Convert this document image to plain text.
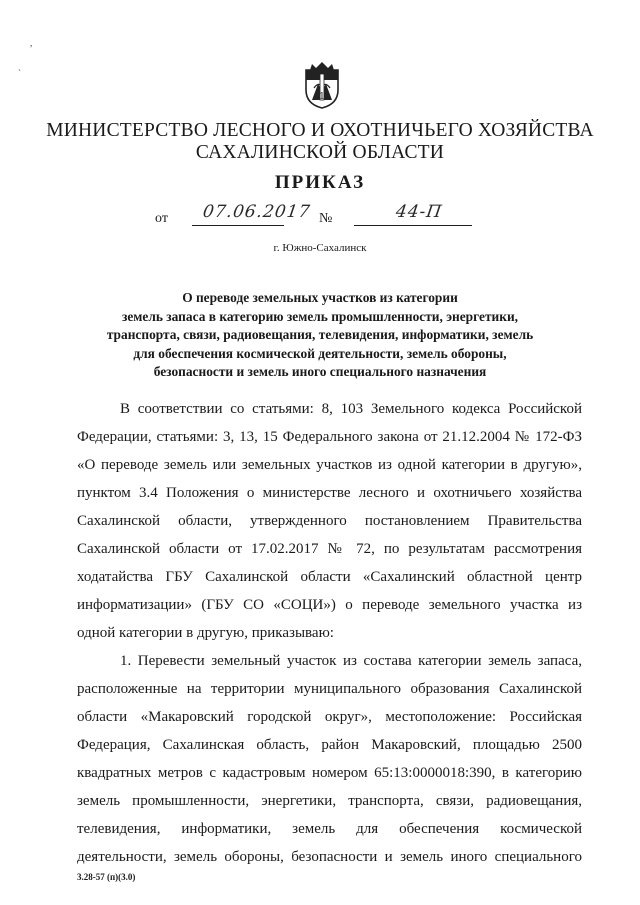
,
`
1
МИНИСТЕРСТВО ЛЕСНОГО И ОХОТНИЧЬЕГО ХОЗЯЙСТВА
САХАЛИНСКОЙ ОБЛАСТИ
ПРИКАЗ
от 07.06.2017 №	44-П
г. Южно-Сахалинск
О переводе земельных участков из категории
земель запаса в категорию земель промышленности, энергетики,
транспорта, связи, радиовещания, телевидения, информатики, земель
для обеспечения космической деятельности, земель обороны,
безопасности и земель иного специального назначения
В соответствии со статьями: 8, 103 Земельного кодекса Российской
Федерации, статьями: 3, 13, 15 Федерального закона от 21.12.2004 № 172-ФЗ
«О переводе земель или земельных участков из одной категории в другую»,
пунктом 3.4 Положения о министерстве лесного и охотничьего хозяйства
Сахалинской области, утвержденного постановлением Правительства
Сахалинской области от 17.02.2017 № 72, по результатам рассмотрения
ходатайства ГБУ Сахалинской области «Сахалинский областной центр
информатизации» (ГБУ СО «СОЦИ») о переводе земельного участка из
одной категории в другую, приказываю:
1. Перевести земельный участок из состава категории земель запаса,
расположенные на территории муниципального образования Сахалинской
области «Макаровский городской округ», местоположение: Российская
Федерация, Сахалинская область, район Макаровский, площадью 2500
квадратных метров с кадастровым номером 65:13:0000018:390, в категорию
земель промышленности, энергетики, транспорта, связи, радиовещания,
телевидения, информатики, земель для обеспечения космической
деятельности, земель обороны, безопасности и земель иного специального
3.28-57 (п)(3.0)
